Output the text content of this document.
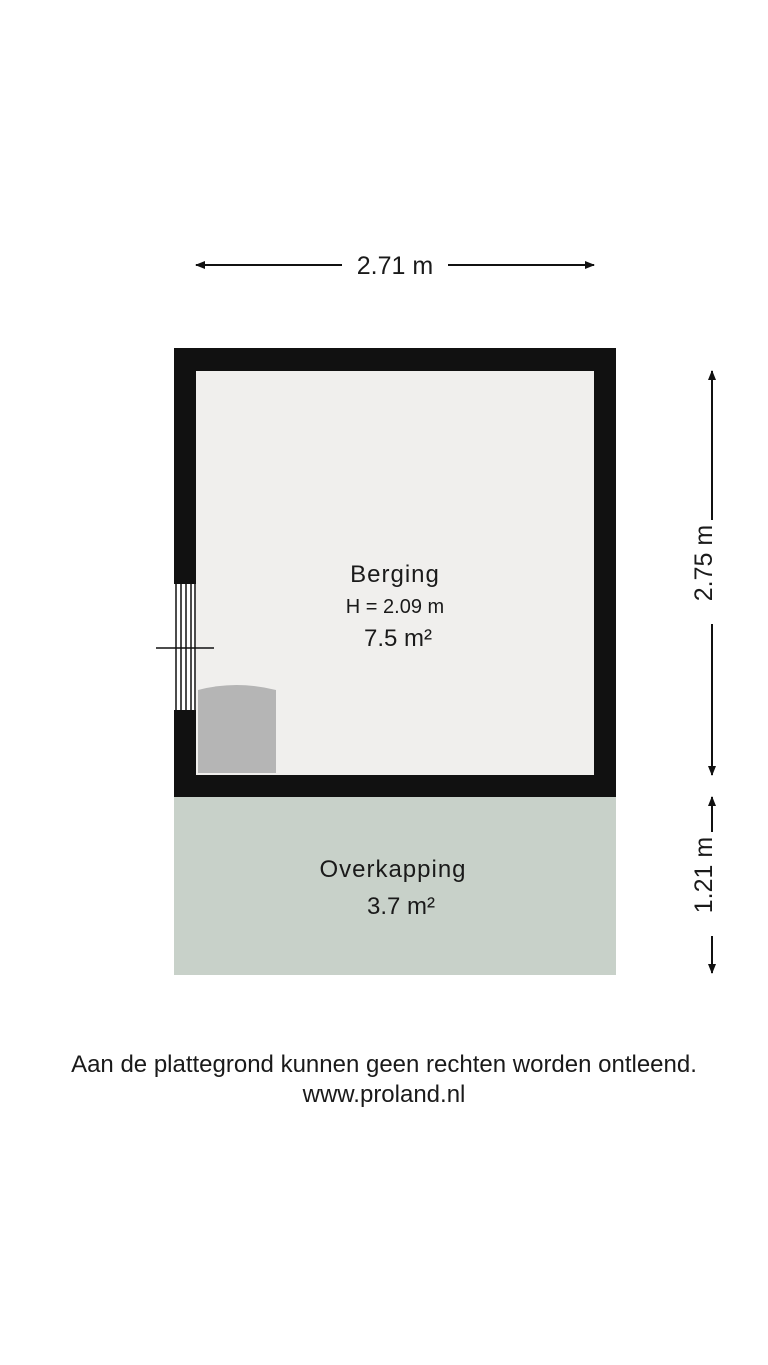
2.71 m
2.75 m
1.21 m
Berging
H = 2.09 m
7.5 m²
Overkapping
3.7 m²
Aan de plattegrond kunnen geen rechten worden ontleend.
www.proland.nl
